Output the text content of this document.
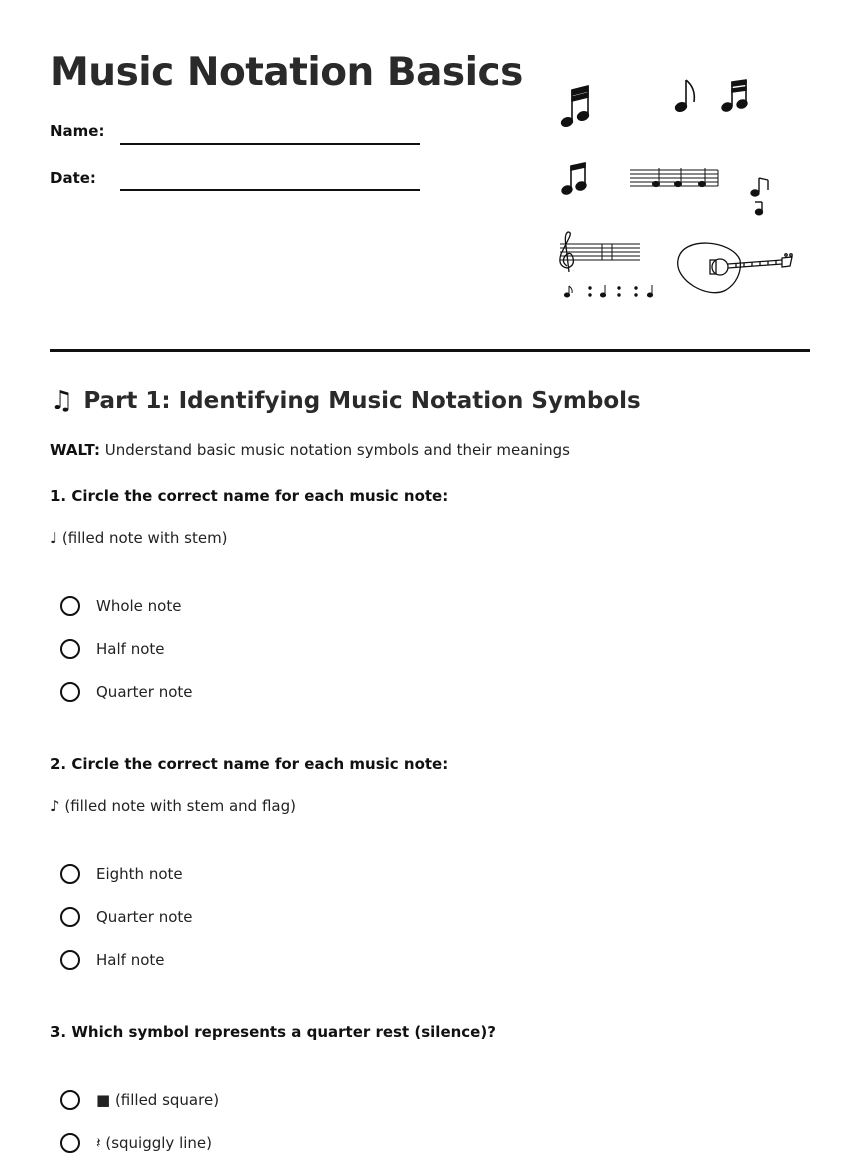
Music Notation Basics
Name:
Date:
♫ Part 1: Identifying Music Notation Symbols
WALT: Understand basic music notation symbols and their meanings
1. Circle the correct name for each music note:
♩ (filled note with stem)
Whole note
Half note
Quarter note
2. Circle the correct name for each music note:
♪ (filled note with stem and flag)
Eighth note
Quarter note
Half note
3. Which symbol represents a quarter rest (silence)?
■ (filled square)
𝄽 (squiggly line)
